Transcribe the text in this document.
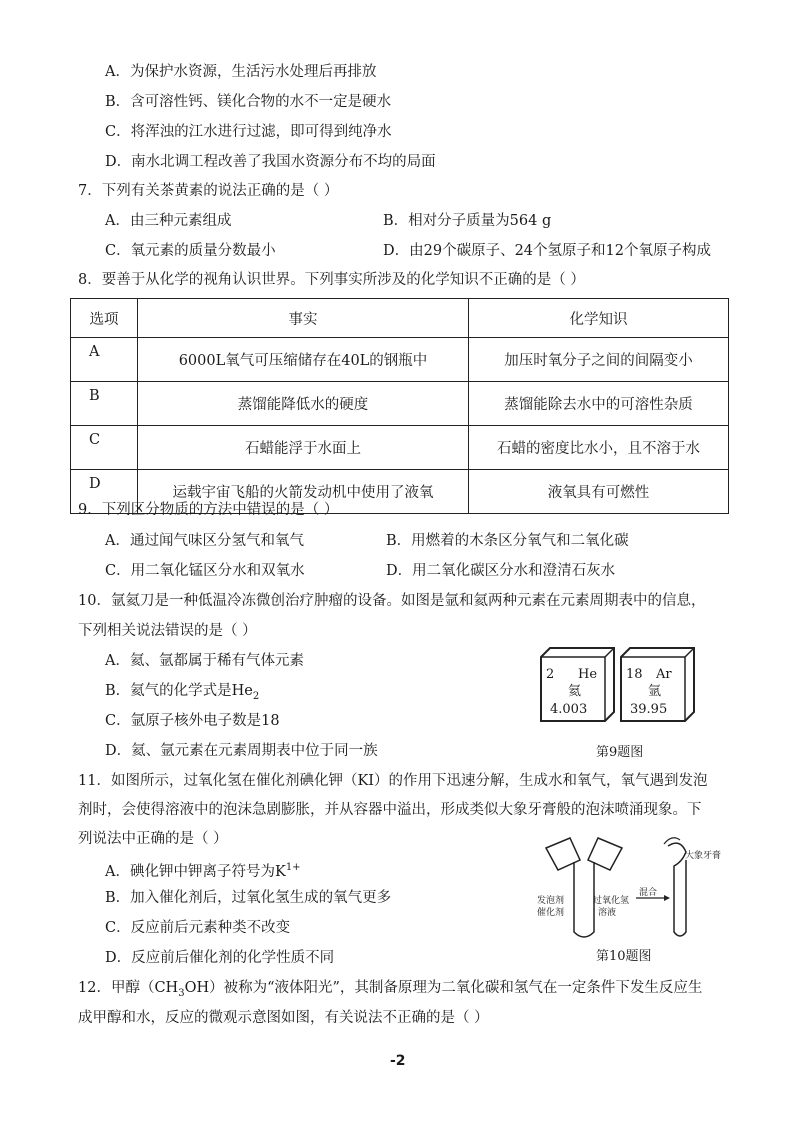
A．为保护水资源，生活污水处理后再排放
B．含可溶性钙、镁化合物的水不一定是硬水
C．将浑浊的江水进行过滤，即可得到纯净水
D．南水北调工程改善了我国水资源分布不均的局面
7．下列有关茶黄素的说法正确的是（ ）
A．由三种元素组成	B．相对分子质量为564 g
C．氧元素的质量分数最小	D．由29个碳原子、24个氢原子和12个氧原子构成
8．要善于从化学的视角认识世界。下列事实所涉及的化学知识不正确的是（ ）
选项	事实	化学知识
A	6000L氧气可压缩储存在40L的钢瓶中	加压时氧分子之间的间隔变小
B	蒸馏能降低水的硬度	蒸馏能除去水中的可溶性杂质
C	石蜡能浮于水面上	石蜡的密度比水小，且不溶于水
D	运载宇宙飞船的火箭发动机中使用了液氧	液氧具有可燃性
9．下列区分物质的方法中错误的是（ ）
A．通过闻气味区分氢气和氧气	B．用燃着的木条区分氧气和二氧化碳
C．用二氧化锰区分水和双氧水	D．用二氧化碳区分水和澄清石灰水
10．氩氦刀是一种低温冷冻微创治疗肿瘤的设备。如图是氩和氦两种元素在元素周期表中的信息，
下列相关说法错误的是（ ）
A．氦、氩都属于稀有气体元素
B．氦气的化学式是$He_2$
C．氩原子核外电子数是18
D．氦、氩元素在元素周期表中位于同一族
2 He
氦
4.003
18 Ar
氩
39.95
第9题图
11．如图所示，过氧化氢在催化剂碘化钾（KI）的作用下迅速分解，生成水和氧气，氧气遇到发泡
剂时，会使得溶液中的泡沫急剧膨胀，并从容器中溢出，形成类似大象牙膏般的泡沫喷涌现象。下
列说法中正确的是（ ）
A．碘化钾中钾离子符号为$K^{1+}$
B．加入催化剂后，过氧化氢生成的氧气更多
C．反应前后元素种类不改变
D．反应前后催化剂的化学性质不同
大象牙膏
发泡剂
催化剂
过氧化氢
溶液
混合
第10题图
12．甲醇$(CH_3OH)$被称为“液体阳光”，其制备原理为二氧化碳和氢气在一定条件下发生反应生
成甲醇和水，反应的微观示意图如图，有关说法不正确的是（ ）
-2
